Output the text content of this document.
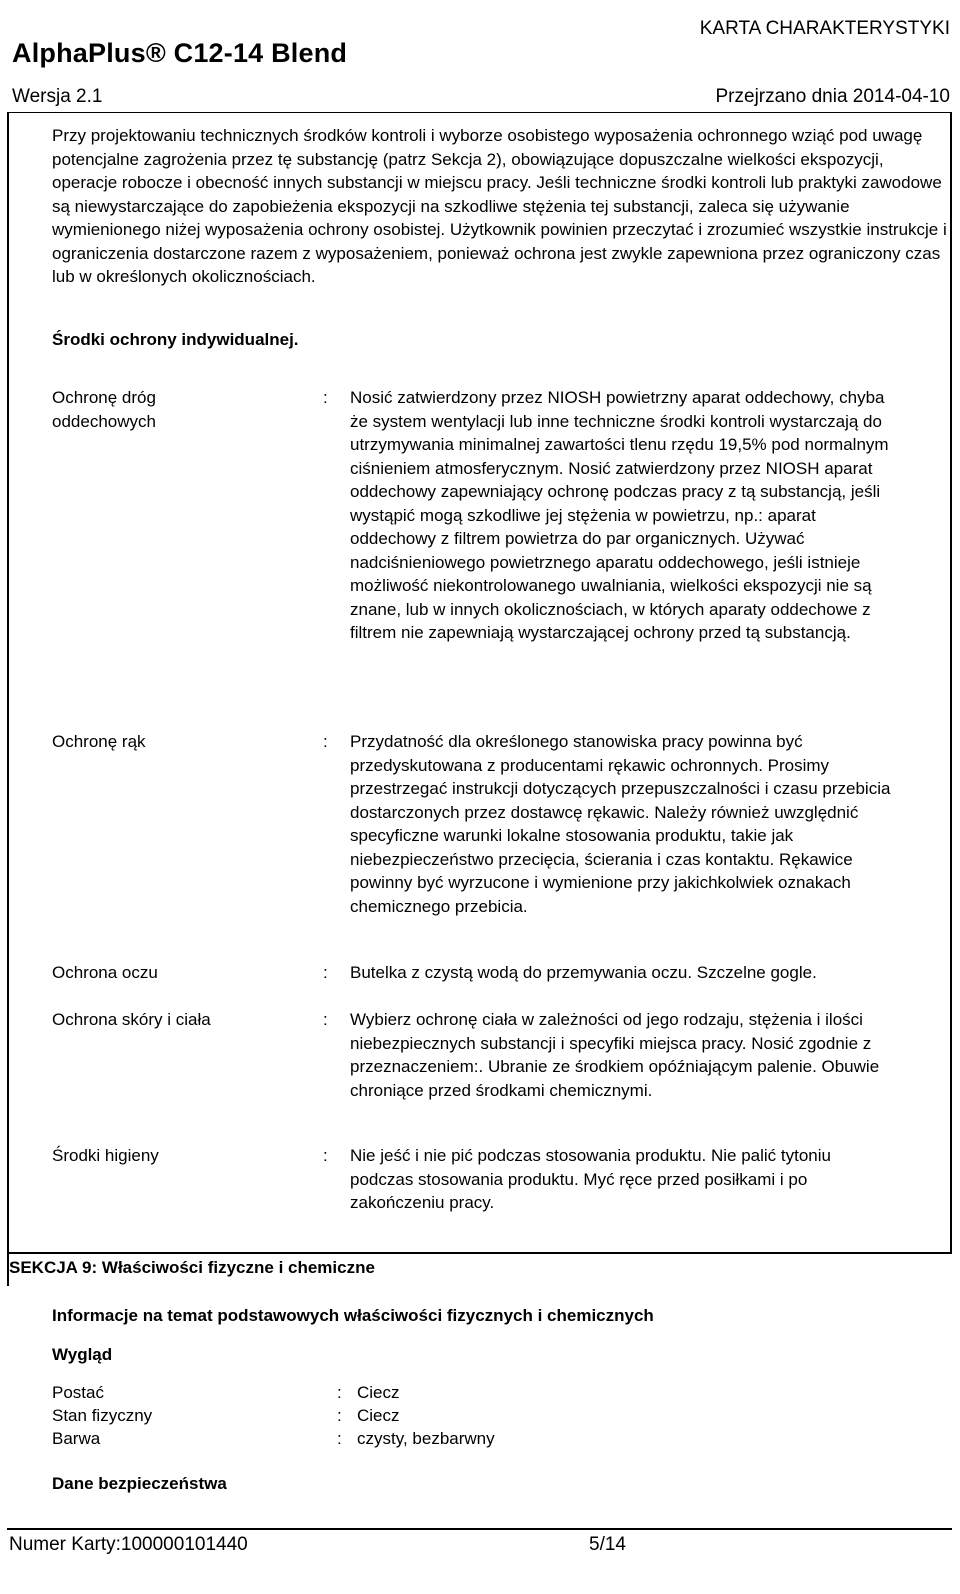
KARTA CHARAKTERYSTYKI
AlphaPlus® C12-14 Blend
Wersja 2.1	Przejrzano dnia 2014-04-10
Przy projektowaniu technicznych środków kontroli i wyborze osobistego wyposażenia ochronnego wziąć pod uwagę potencjalne zagrożenia przez tę substancję (patrz Sekcja 2), obowiązujące dopuszczalne wielkości ekspozycji, operacje robocze i obecność innych substancji w miejscu pracy. Jeśli techniczne środki kontroli lub praktyki zawodowe są niewystarczające do zapobieżenia ekspozycji na szkodliwe stężenia tej substancji, zaleca się używanie wymienionego niżej wyposażenia ochrony osobistej. Użytkownik powinien przeczytać i zrozumieć wszystkie instrukcje i ograniczenia dostarczone razem z wyposażeniem, ponieważ ochrona jest zwykle zapewniona przez ograniczony czas lub w określonych okolicznościach.
Środki ochrony indywidualnej.
Ochronę dróg oddechowych
: Nosić zatwierdzony przez NIOSH powietrzny aparat oddechowy, chyba że system wentylacji lub inne techniczne środki kontroli wystarczają do utrzymywania minimalnej zawartości tlenu rzędu 19,5% pod normalnym ciśnieniem atmosferycznym. Nosić zatwierdzony przez NIOSH aparat oddechowy zapewniający ochronę podczas pracy z tą substancją, jeśli wystąpić mogą szkodliwe jej stężenia w powietrzu, np.: aparat oddechowy z filtrem powietrza do par organicznych. Używać nadciśnieniowego powietrznego aparatu oddechowego, jeśli istnieje możliwość niekontrolowanego uwalniania, wielkości ekspozycji nie są znane, lub w innych okolicznościach, w których aparaty oddechowe z filtrem nie zapewniają wystarczającej ochrony przed tą substancją.
Ochronę rąk	: Przydatność dla określonego stanowiska pracy powinna być przedyskutowana z producentami rękawic ochronnych. Prosimy przestrzegać instrukcji dotyczących przepuszczalności i czasu przebicia dostarczonych przez dostawcę rękawic. Należy również uwzględnić specyficzne warunki lokalne stosowania produktu, takie jak niebezpieczeństwo przecięcia, ścierania i czas kontaktu. Rękawice powinny być wyrzucone i wymienione przy jakichkolwiek oznakach chemicznego przebicia.
Ochrona oczu	: Butelka z czystą wodą do przemywania oczu. Szczelne gogle.
Ochrona skóry i ciała	: Wybierz ochronę ciała w zależności od jego rodzaju, stężenia i ilości niebezpiecznych substancji i specyfiki miejsca pracy. Nosić zgodnie z przeznaczeniem:. Ubranie ze środkiem opóźniającym palenie. Obuwie chroniące przed środkami chemicznymi.
Środki higieny	: Nie jeść i nie pić podczas stosowania produktu. Nie palić tytoniu podczas stosowania produktu. Myć ręce przed posiłkami i po zakończeniu pracy.
SEKCJA 9: Właściwości fizyczne i chemiczne
Informacje na temat podstawowych właściwości fizycznych i chemicznych
Wygląd
Postać	: Ciecz
Stan fizyczny	: Ciecz
Barwa	: czysty, bezbarwny
Dane bezpieczeństwa
Numer Karty:100000101440	5/14
